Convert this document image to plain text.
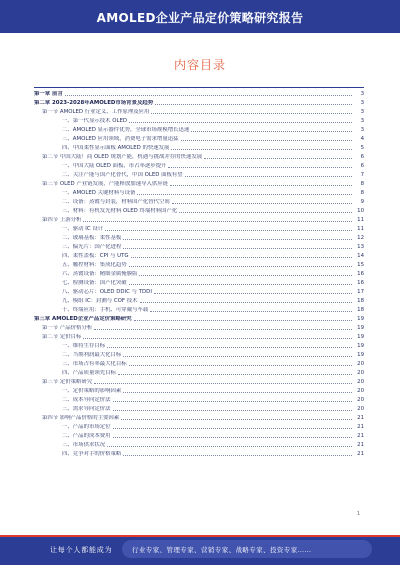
AMOLED企业产品定价策略研究报告
内容目录
第一章 前言	3
第二章 2023-2028年AMOLED市场背景及趋势	3
第一节 AMOLED 行业定义、工作原理及应用	3
一、第一代显示技术 OLED	3
二、AMOLED 显示器件优势，全球市场规模增长迅速	3
三、AMOLED 应用领域，消费电子需求增量迅猛	4
四、中国柔性显示面板 AMOLED 的快速发展	5
第二节 中国大陆厂商 OLED 规划产能，机遇与挑战并存的快速发展	6
一、中国大陆 OLED 面板，市占率逐步提升	6
二、关注产能与国产化替代，中国 OLED 面板有望	7
第三节 OLED 产业链发展，产能释放加速导入供应链	8
一、AMOLED 关键材料与设备	8
二、设备：蒸镀与封装，材料国产化替代空间	9
三、材料：有机发光材料 OLED 终端材料国产化	10
第四节 上游分析	11
一、驱动 IC 设计	11
二、玻璃基板：柔性基板	12
三、偏光片：国产化进程	13
四、柔性盖板：CPI 与 UTG	14
五、触控材料：集成化趋势	15
六、蒸镀设备：精细金属掩膜版	16
七、检测设备：国产化突破	16
八、驱动芯片：OLED DDIC 与 TDDI	17
九、模组 IC：封测与 COF 技术	18
十、终端应用：手机、可穿戴与车载	18
第三章 AMOLED企业产品定价策略研究	19
第一节 产品价格分析	19
第二节 定价目标	19
一、维持生存目标	19
二、当期利润最大化目标	19
三、市场占有率最大化目标	20
四、产品质量领先目标	20
第三节 定价策略研究	20
一、定价策略的影响因素	20
二、成本导向定价法	20
三、需求导向定价法	20
第四节 影响产品价格的主要因素	21
一、产品的市场定位	21
二、产品的成本费用	21
三、市场供求状况	21
四、竞争对手的价格策略	21
1
让每个人都能成为	行业专家、管理专家、营销专家、战略专家、投资专家……
